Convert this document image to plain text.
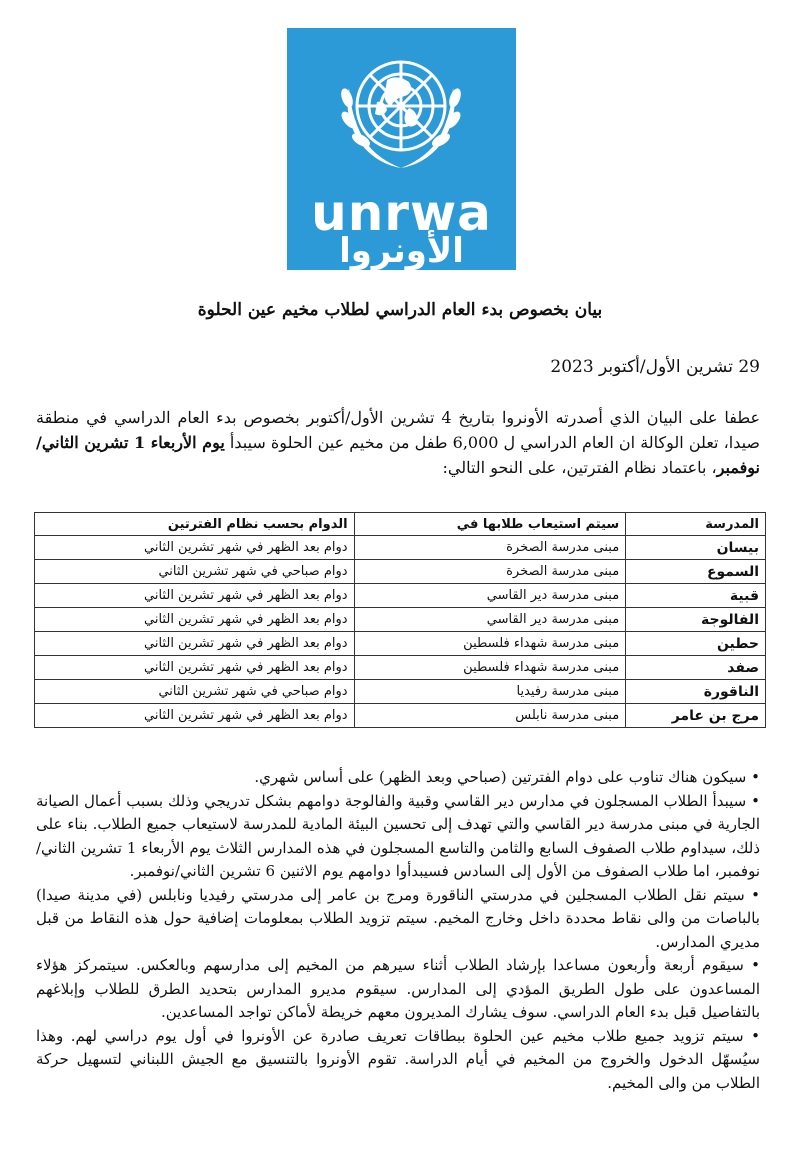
unrwa
الأونروا
بيان بخصوص بدء العام الدراسي لطلاب مخيم عين الحلوة
29 تشرين الأول/أكتوبر 2023
عطفا على البيان الذي أصدرته الأونروا بتاريخ 4 تشرين الأول/أكتوبر بخصوص بدء العام الدراسي في منطقة صيدا، تعلن الوكالة ان العام الدراسي ل 6,000 طفل من مخيم عين الحلوة سيبدأ يوم الأربعاء 1 تشرين الثاني/نوفمبر، باعتماد نظام الفترتين، على النحو التالي:
المدرسة	سيتم استيعاب طلابها في	الدوام بحسب نظام الفترتين
بيسان	مبنى مدرسة الصخرة	دوام بعد الظهر في شهر تشرين الثاني
السموع	مبنى مدرسة الصخرة	دوام صباحي في شهر تشرين الثاني
قبية	مبنى مدرسة دير القاسي	دوام بعد الظهر في شهر تشرين الثاني
الفالوجة	مبنى مدرسة دير القاسي	دوام بعد الظهر في شهر تشرين الثاني
حطين	مبنى مدرسة شهداء فلسطين	دوام بعد الظهر في شهر تشرين الثاني
صفد	مبنى مدرسة شهداء فلسطين	دوام بعد الظهر في شهر تشرين الثاني
الناقورة	مبنى مدرسة رفيديا	دوام صباحي في شهر تشرين الثاني
مرج بن عامر	مبنى مدرسة نابلس	دوام بعد الظهر في شهر تشرين الثاني

• سيكون هناك تناوب على دوام الفترتين (صباحي وبعد الظهر) على أساس شهري.

• سيبدأ الطلاب المسجلون في مدارس دير القاسي وقبية والفالوجة دوامهم بشكل تدريجي وذلك بسبب أعمال الصيانة الجارية في مبنى مدرسة دير القاسي والتي تهدف إلى تحسين البيئة المادية للمدرسة لاستيعاب جميع الطلاب. بناء على ذلك، سيداوم طلاب الصفوف السابع والثامن والتاسع المسجلون في هذه المدارس الثلاث يوم الأربعاء 1 تشرين الثاني/نوفمبر، اما طلاب الصفوف من الأول إلى السادس فسيبدأوا دوامهم يوم الاثنين 6 تشرين الثاني/نوفمبر.

• سيتم نقل الطلاب المسجلين في مدرستي الناقورة ومرج بن عامر إلى مدرستي رفيديا ونابلس (في مدينة صيدا) بالباصات من والى نقاط محددة داخل وخارج المخيم. سيتم تزويد الطلاب بمعلومات إضافية حول هذه النقاط من قبل مديري المدارس.

• سيقوم أربعة وأربعون مساعدا بإرشاد الطلاب أثناء سيرهم من المخيم إلى مدارسهم وبالعكس. سيتمركز هؤلاء المساعدون على طول الطريق المؤدي إلى المدارس. سيقوم مديرو المدارس بتحديد الطرق للطلاب وإبلاغهم بالتفاصيل قبل بدء العام الدراسي. سوف يشارك المديرون معهم خريطة لأماكن تواجد المساعدين.

• سيتم تزويد جميع طلاب مخيم عين الحلوة ببطاقات تعريف صادرة عن الأونروا في أول يوم دراسي لهم. وهذا سيُسهّل الدخول والخروج من المخيم في أيام الدراسة. تقوم الأونروا بالتنسيق مع الجيش اللبناني لتسهيل حركة الطلاب من والى المخيم.
